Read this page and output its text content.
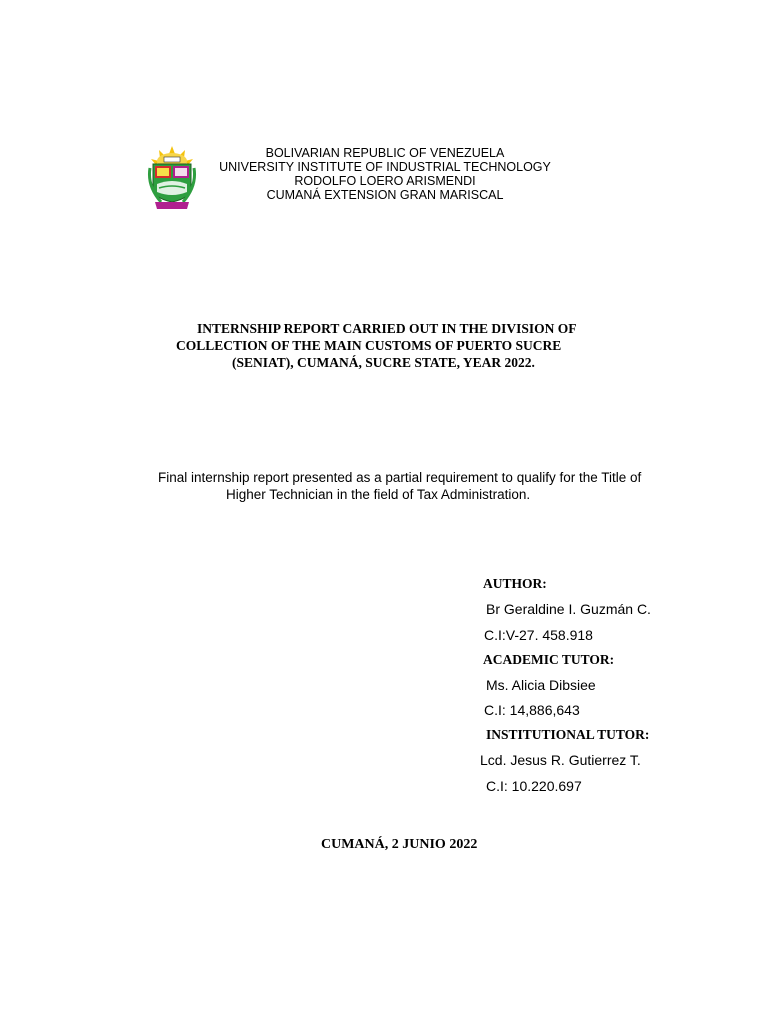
BOLIVARIAN REPUBLIC OF VENEZUELA
UNIVERSITY INSTITUTE OF INDUSTRIAL TECHNOLOGY
RODOLFO LOERO ARISMENDI
CUMANÁ EXTENSION GRAN MARISCAL
INTERNSHIP REPORT CARRIED OUT IN THE DIVISION OF
COLLECTION OF THE MAIN CUSTOMS OF PUERTO SUCRE
(SENIAT), CUMANÁ, SUCRE STATE, YEAR 2022.
Final internship report presented as a partial requirement to qualify for the Title of
Higher Technician in the field of Tax Administration.
AUTHOR:
Br Geraldine I. Guzmán C.
C.I:V-27. 458.918
ACADEMIC TUTOR:
Ms. Alicia Dibsiee
C.I: 14,886,643
INSTITUTIONAL TUTOR:
Lcd. Jesus R. Gutierrez T.
C.I: 10.220.697
CUMANÁ, 2 JUNIO 2022
